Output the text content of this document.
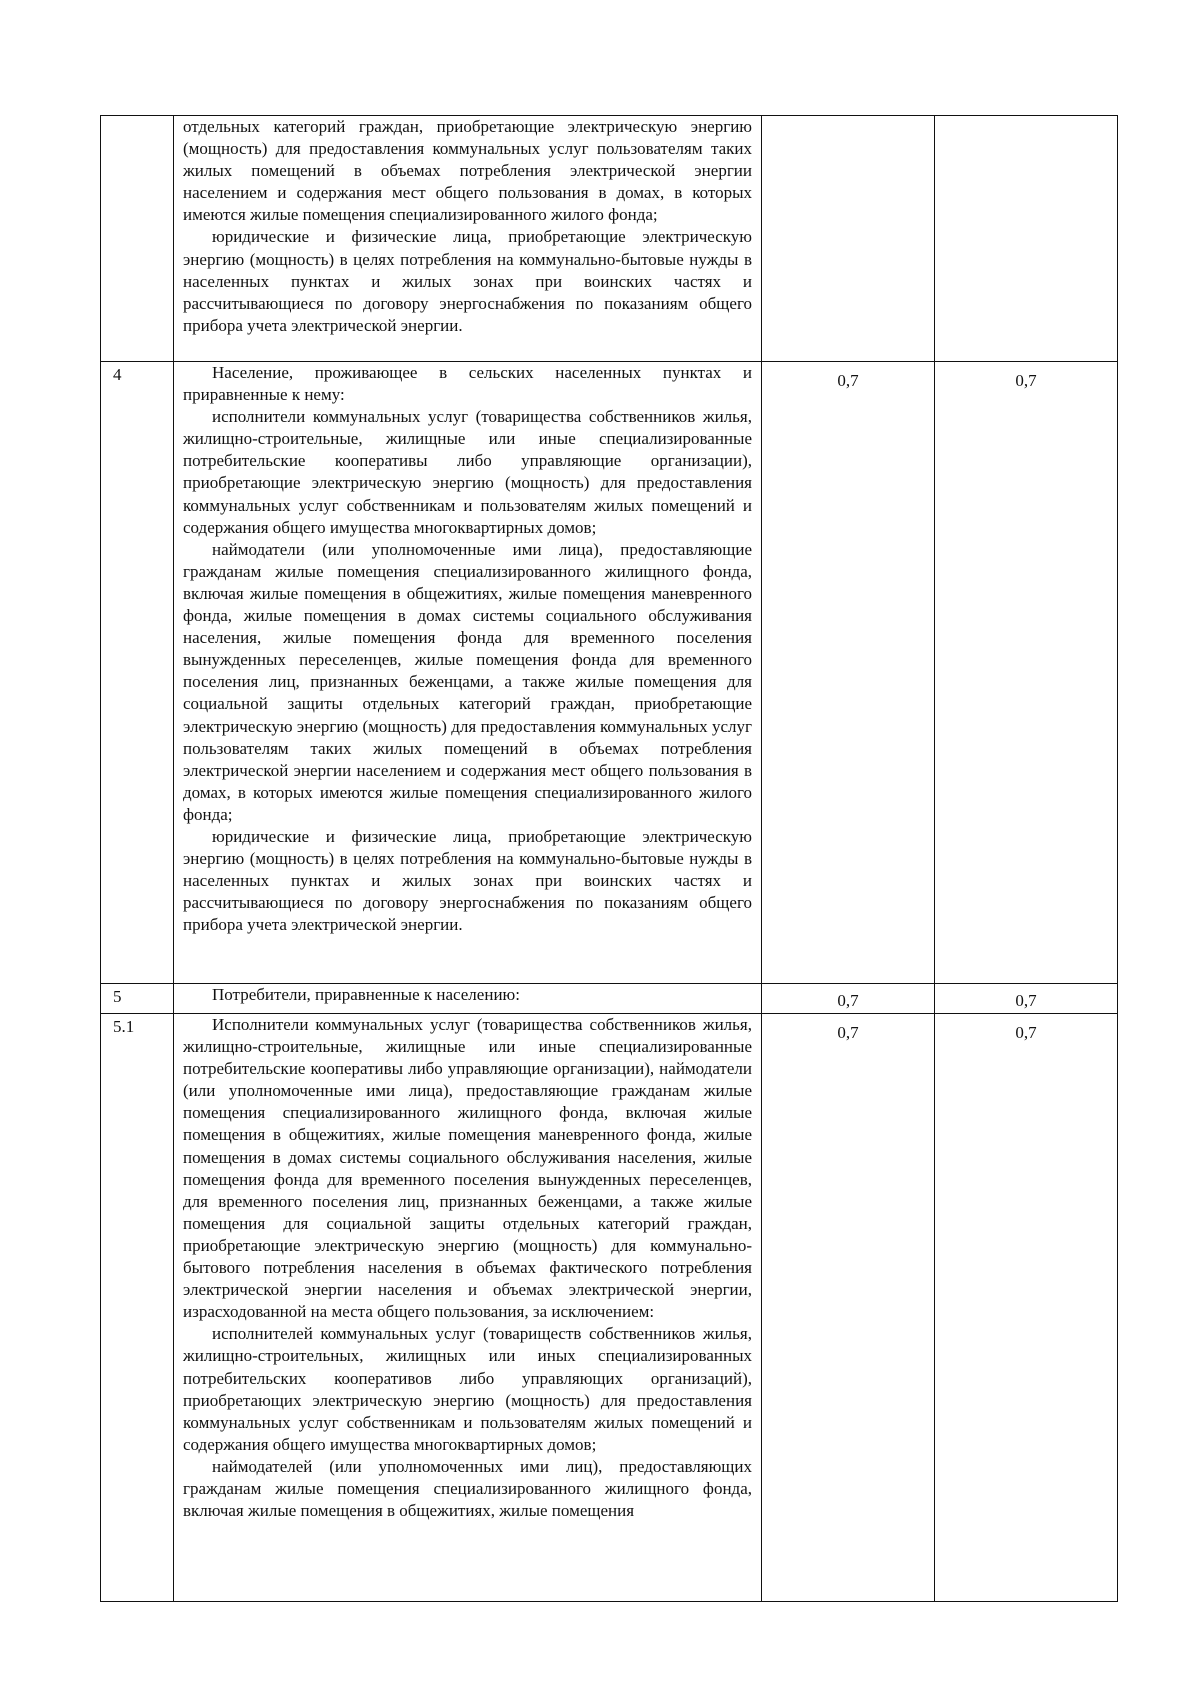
	отдельных категорий граждан, приобретающие электрическую энергию (мощность) для предоставления коммунальных услуг пользователям таких жилых помещений в объемах потребления электрической энергии населением и содержания мест общего пользования в домах, в которых имеются жилые помещения специализированного жилого фонда;

юридические и физические лица, приобретающие электрическую энергию (мощность) в целях потребления на коммунально-бытовые нужды в населенных пунктах и жилых зонах при воинских частях и рассчитывающиеся по договору энергоснабжения по показаниям общего прибора учета электрической энергии.		

4	Население, проживающее в сельских населенных пунктах и приравненные к нему:

исполнители коммунальных услуг (товарищества собственников жилья, жилищно-строительные, жилищные или иные специализированные потребительские кооперативы либо управляющие организации), приобретающие электрическую энергию (мощность) для предоставления коммунальных услуг собственникам и пользователям жилых помещений и содержания общего имущества многоквартирных домов;

наймодатели (или уполномоченные ими лица), предоставляющие гражданам жилые помещения специализированного жилищного фонда, включая жилые помещения в общежитиях, жилые помещения маневренного фонда, жилые помещения в домах системы социального обслуживания населения, жилые помещения фонда для временного поселения вынужденных переселенцев, жилые помещения фонда для временного поселения лиц, признанных беженцами, а также жилые помещения для социальной защиты отдельных категорий граждан, приобретающие электрическую энергию (мощность) для предоставления коммунальных услуг пользователям таких жилых помещений в объемах потребления электрической энергии населением и содержания мест общего пользования в домах, в которых имеются жилые помещения специализированного жилого фонда;

юридические и физические лица, приобретающие электрическую энергию (мощность) в целях потребления на коммунально-бытовые нужды в населенных пунктах и жилых зонах при воинских частях и рассчитывающиеся по договору энергоснабжения по показаниям общего прибора учета электрической энергии.	0,7	0,7
5	Потребители, приравненные к населению:	0,7	0,7
5.1	Исполнители коммунальных услуг (товарищества собственников жилья, жилищно-строительные, жилищные или иные специализированные потребительские кооперативы либо управляющие организации), наймодатели (или уполномоченные ими лица), предоставляющие гражданам жилые помещения специализированного жилищного фонда, включая жилые помещения в общежитиях, жилые помещения маневренного фонда, жилые помещения в домах системы социального обслуживания населения, жилые помещения фонда для временного поселения вынужденных переселенцев, для временного поселения лиц, признанных беженцами, а также жилые помещения для социальной защиты отдельных категорий граждан, приобретающие электрическую энергию (мощность) для коммунально-бытового потребления населения в объемах фактического потребления электрической энергии населения и объемах электрической энергии, израсходованной на места общего пользования, за исключением:

исполнителей коммунальных услуг (товариществ собственников жилья, жилищно-строительных, жилищных или иных специализированных потребительских кооперативов либо управляющих организаций), приобретающих электрическую энергию (мощность) для предоставления коммунальных услуг собственникам и пользователям жилых помещений и содержания общего имущества многоквартирных домов;

наймодателей (или уполномоченных ими лиц), предоставляющих гражданам жилые помещения специализированного жилищного фонда, включая жилые помещения в общежитиях, жилые помещения	0,7	0,7
